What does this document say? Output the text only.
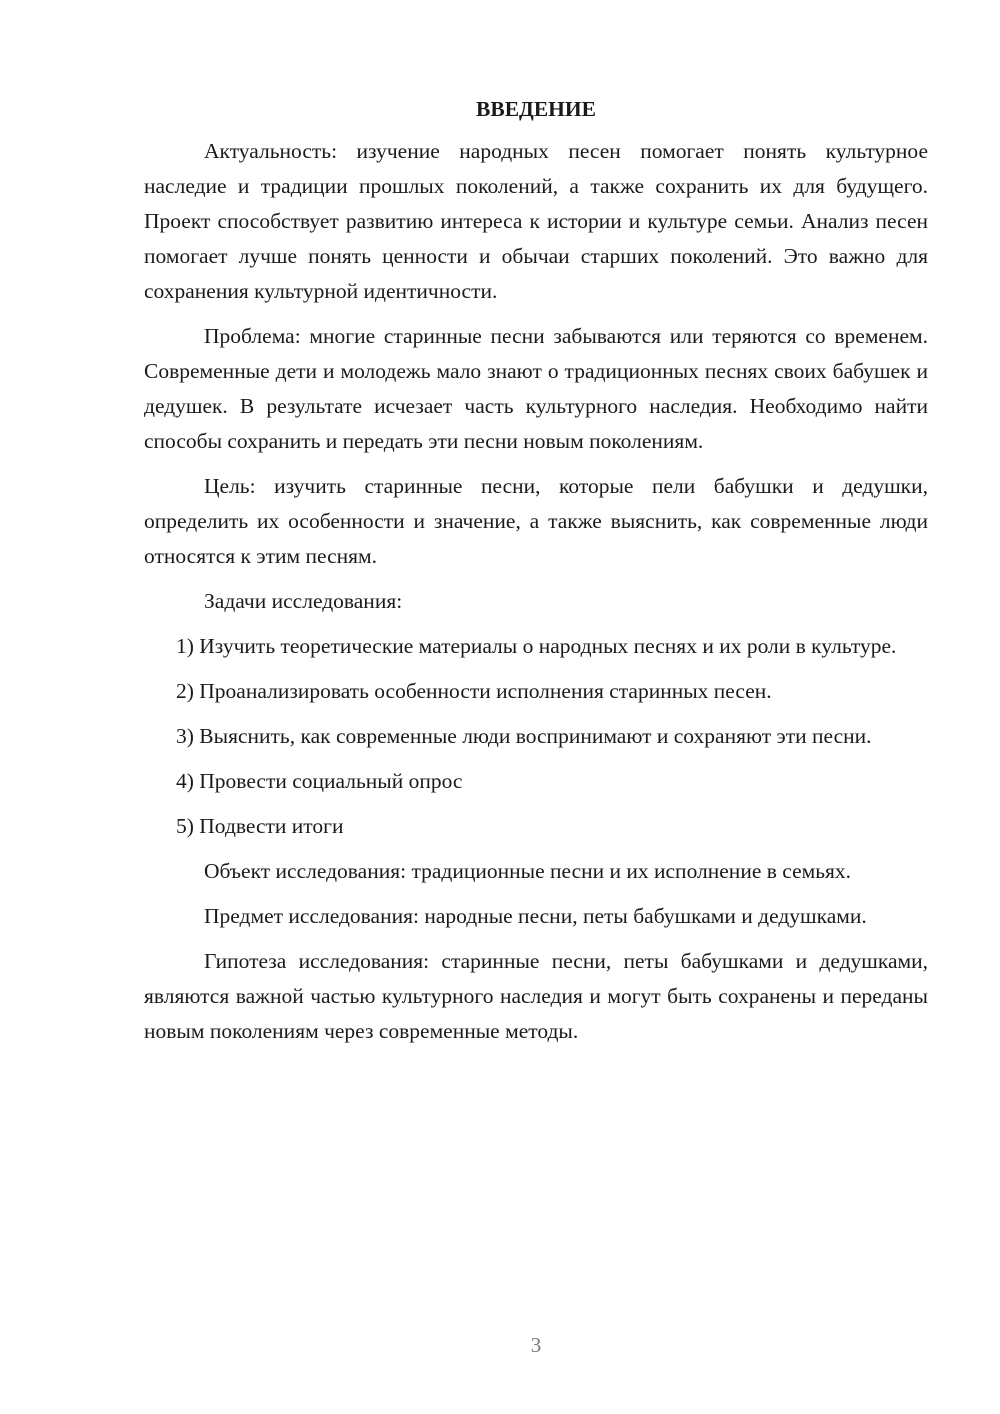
ВВЕДЕНИЕ

Актуальность: изучение народных песен помогает понять культурное наследие и традиции прошлых поколений, а также сохранить их для будущего. Проект способствует развитию интереса к истории и культуре семьи. Анализ песен помогает лучше понять ценности и обычаи старших поколений. Это важно для сохранения культурной идентичности.

Проблема: многие старинные песни забываются или теряются со временем. Современные дети и молодежь мало знают о традиционных песнях своих бабушек и дедушек. В результате исчезает часть культурного наследия. Необходимо найти способы сохранить и передать эти песни новым поколениям.

Цель: изучить старинные песни, которые пели бабушки и дедушки, определить их особенности и значение, а также выяснить, как современные люди относятся к этим песням.

Задачи исследования:

1) Изучить теоретические материалы о народных песнях и их роли в культуре.

2) Проанализировать особенности исполнения старинных песен.

3) Выяснить, как современные люди воспринимают и сохраняют эти песни.

4) Провести социальный опрос

5) Подвести итоги

Объект исследования: традиционные песни и их исполнение в семьях.

Предмет исследования: народные песни, петы бабушками и дедушками.

Гипотеза исследования: старинные песни, петы бабушками и дедушками, являются важной частью культурного наследия и могут быть сохранены и переданы новым поколениям через современные методы.

3
